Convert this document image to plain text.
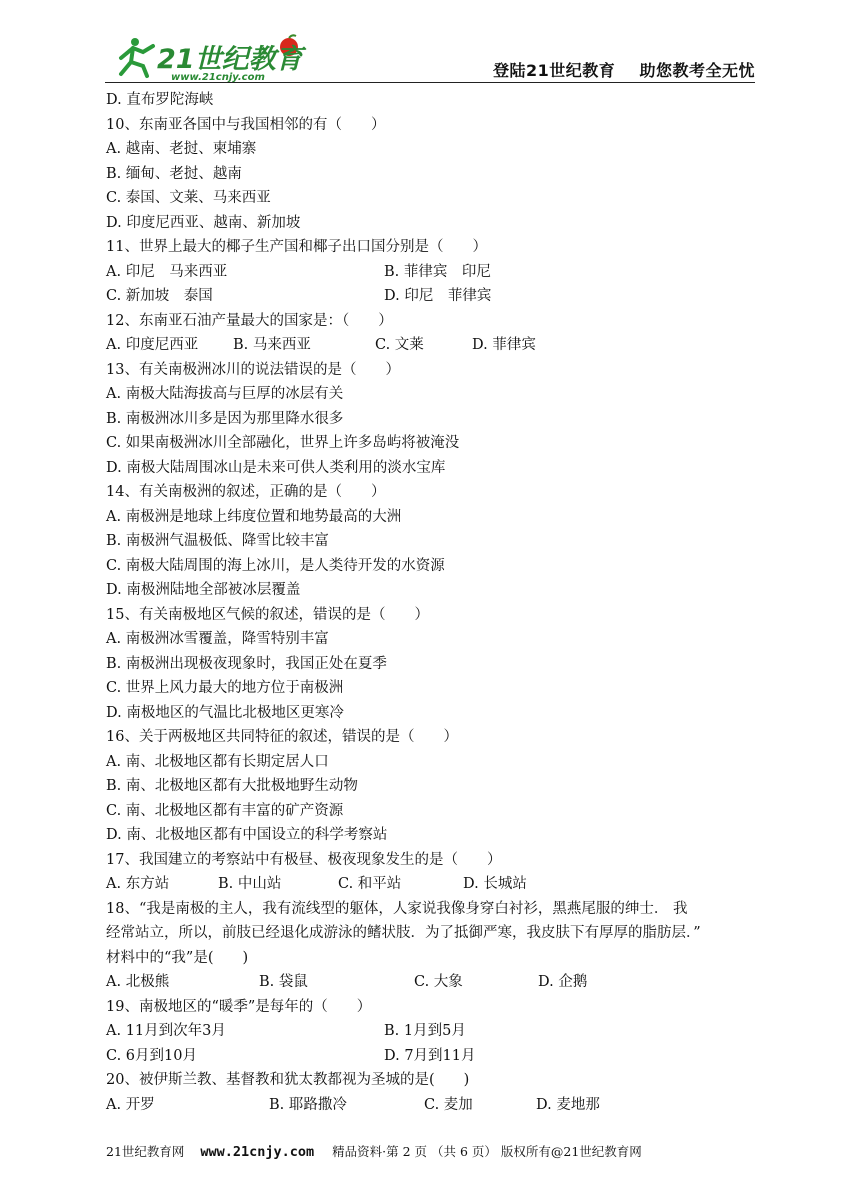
21世纪教育
www.21cnjy.com	登陆21世纪教育    助您教考全无忧
D. 直布罗陀海峡
10、东南亚各国中与我国相邻的有（　　）
A. 越南、老挝、柬埔寨
B. 缅甸、老挝、越南
C. 泰国、文莱、马来西亚
D. 印度尼西亚、越南、新加坡
11、世界上最大的椰子生产国和椰子出口国分别是（　　）
A. 印尼　马来西亚	B. 菲律宾　印尼
C. 新加坡　泰国	D. 印尼　菲律宾
12、东南亚石油产量最大的国家是：（　　）
A. 印度尼西亚	B. 马来西亚	C. 文莱	D. 菲律宾
13、有关南极洲冰川的说法错误的是（　　）
A. 南极大陆海拔高与巨厚的冰层有关
B. 南极洲冰川多是因为那里降水很多
C. 如果南极洲冰川全部融化，世界上许多岛屿将被淹没
D. 南极大陆周围冰山是未来可供人类利用的淡水宝库
14、有关南极洲的叙述，正确的是（　　）
A. 南极洲是地球上纬度位置和地势最高的大洲
B. 南极洲气温极低、降雪比较丰富
C. 南极大陆周围的海上冰川，是人类待开发的水资源
D. 南极洲陆地全部被冰层覆盖
15、有关南极地区气候的叙述，错误的是（　　）
A. 南极洲冰雪覆盖，降雪特别丰富
B. 南极洲出现极夜现象时，我国正处在夏季
C. 世界上风力最大的地方位于南极洲
D. 南极地区的气温比北极地区更寒冷
16、关于两极地区共同特征的叙述，错误的是（　　）
A. 南、北极地区都有长期定居人口
B. 南、北极地区都有大批极地野生动物
C. 南、北极地区都有丰富的矿产资源
D. 南、北极地区都有中国设立的科学考察站
17、我国建立的考察站中有极昼、极夜现象发生的是（　　）
A. 东方站	B. 中山站	C. 和平站	D. 长城站
18、“我是南极的主人，我有流线型的躯体，人家说我像身穿白衬衫，黑燕尾服的绅士． 我
经常站立，所以，前肢已经退化成游泳的鳍状肢．为了抵御严寒，我皮肤下有厚厚的脂肪层．”
材料中的“我”是(　　)
A. 北极熊	B. 袋鼠	C. 大象	D. 企鹅
19、南极地区的“暖季”是每年的（　　）
A. 11月到次年3月	B. 1月到5月
C. 6月到10月	D. 7月到11月
20、被伊斯兰教、基督教和犹太教都视为圣城的是(　　)
A. 开罗	B. 耶路撒冷	C. 麦加	D. 麦地那
21世纪教育网 www.21cnjy.com 精品资料·第 2 页 （共 6 页） 版权所有@21世纪教育网
